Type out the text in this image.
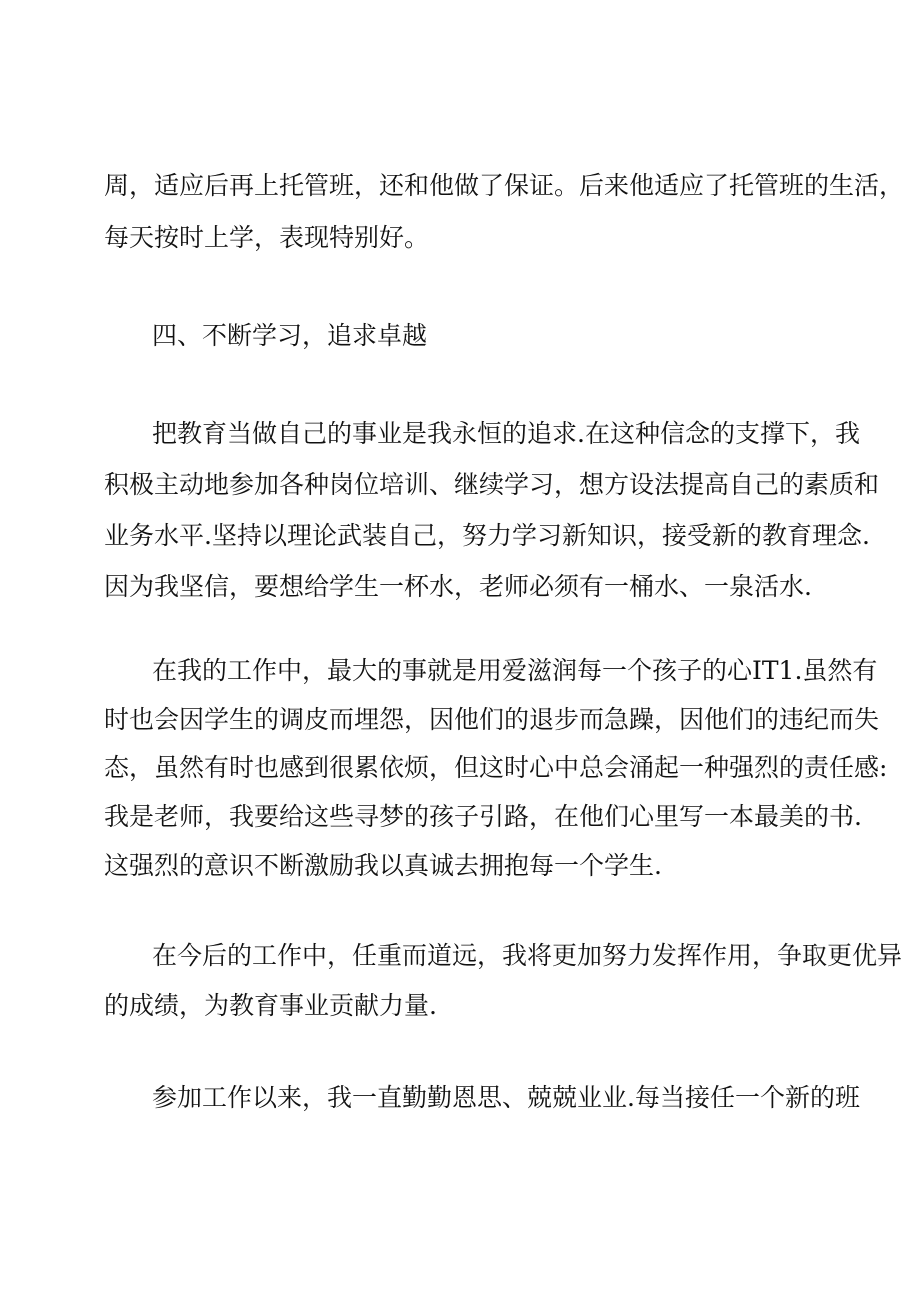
周，适应后再上托管班，还和他做了保证。后来他适应了托管班的生活，
每天按时上学，表现特别好。
四、不断学习，追求卓越
把教育当做自己的事业是我永恒的追求.在这种信念的支撑下，我
积极主动地参加各种岗位培训、继续学习，想方设法提高自己的素质和
业务水平.坚持以理论武装自己，努力学习新知识，接受新的教育理念.
因为我坚信，要想给学生一杯水，老师必须有一桶水、一泉活水.
在我的工作中，最大的事就是用爱滋润每一个孩子的心IT1.虽然有
时也会因学生的调皮而埋怨，因他们的退步而急躁，因他们的违纪而失
态，虽然有时也感到很累依烦，但这时心中总会涌起一种强烈的责任感:
我是老师，我要给这些寻梦的孩子引路，在他们心里写一本最美的书.
这强烈的意识不断激励我以真诚去拥抱每一个学生.
在今后的工作中，任重而道远，我将更加努力发挥作用，争取更优异
的成绩，为教育事业贡献力量.
参加工作以来，我一直勤勤恩思、兢兢业业.每当接任一个新的班
